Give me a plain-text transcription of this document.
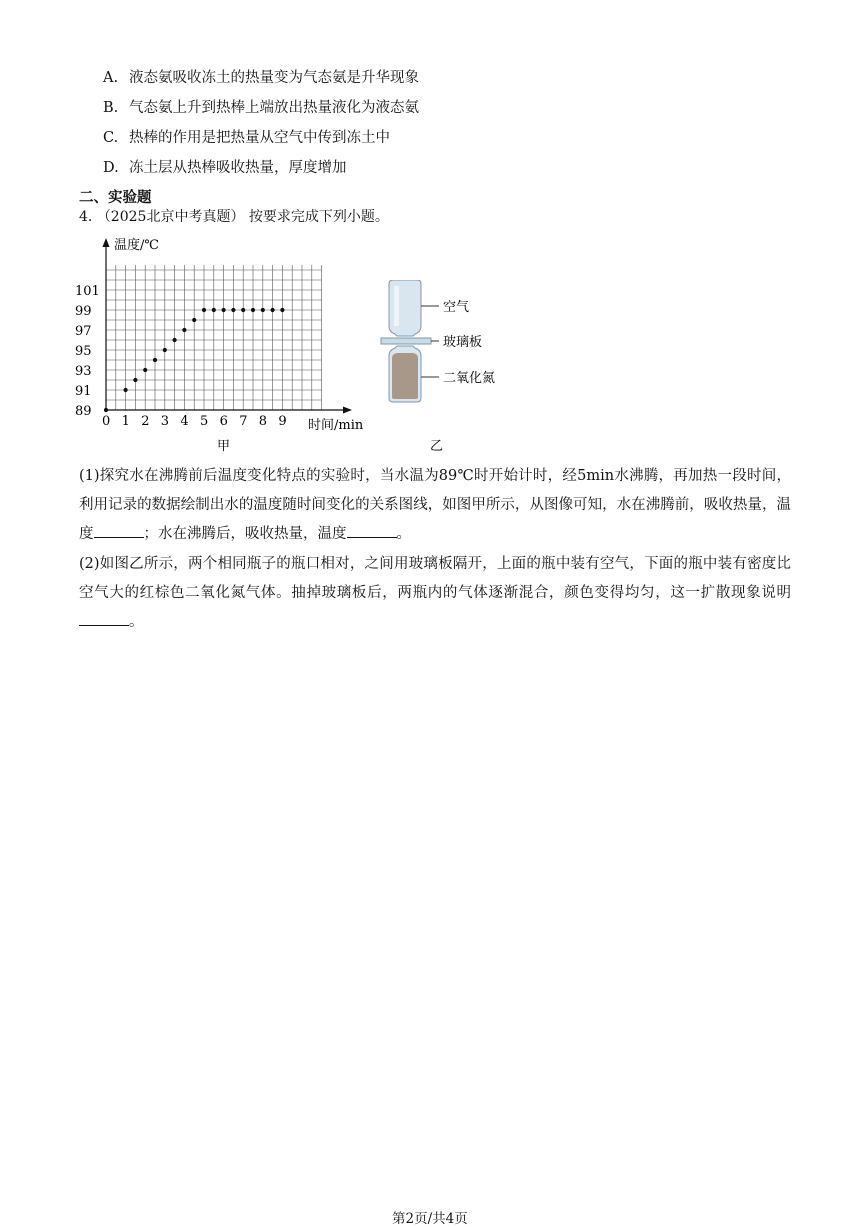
A. 液态氨吸收冻土的热量变为气态氨是升华现象
B. 气态氨上升到热棒上端放出热量液化为液态氨
C. 热棒的作用是把热量从空气中传到冻土中
D. 冻土层从热棒吸收热量，厚度增加
二、实验题
4. （2025北京中考真题） 按要求完成下列小题。
0 1 2 3 4 5 6 7 8 9
89
91
93
95
97
99
101
温度/℃
时间/min
甲
空气
玻璃板
二氧化氮
乙
(1)探究水在沸腾前后温度变化特点的实验时，当水温为89℃时开始计时，经5min水沸腾，再加热一段时间，利用记录的数据绘制出水的温度随时间变化的关系图线，如图甲所示，从图像可知，水在沸腾前，吸收热量，温度	；水在沸腾后，吸收热量，温度	。
(2)如图乙所示，两个相同瓶子的瓶口相对，之间用玻璃板隔开，上面的瓶中装有空气，下面的瓶中装有密度比空气大的红棕色二氧化氮气体。抽掉玻璃板后，两瓶内的气体逐渐混合，颜色变得均匀，这一扩散现象说明。
第2页/共4页
